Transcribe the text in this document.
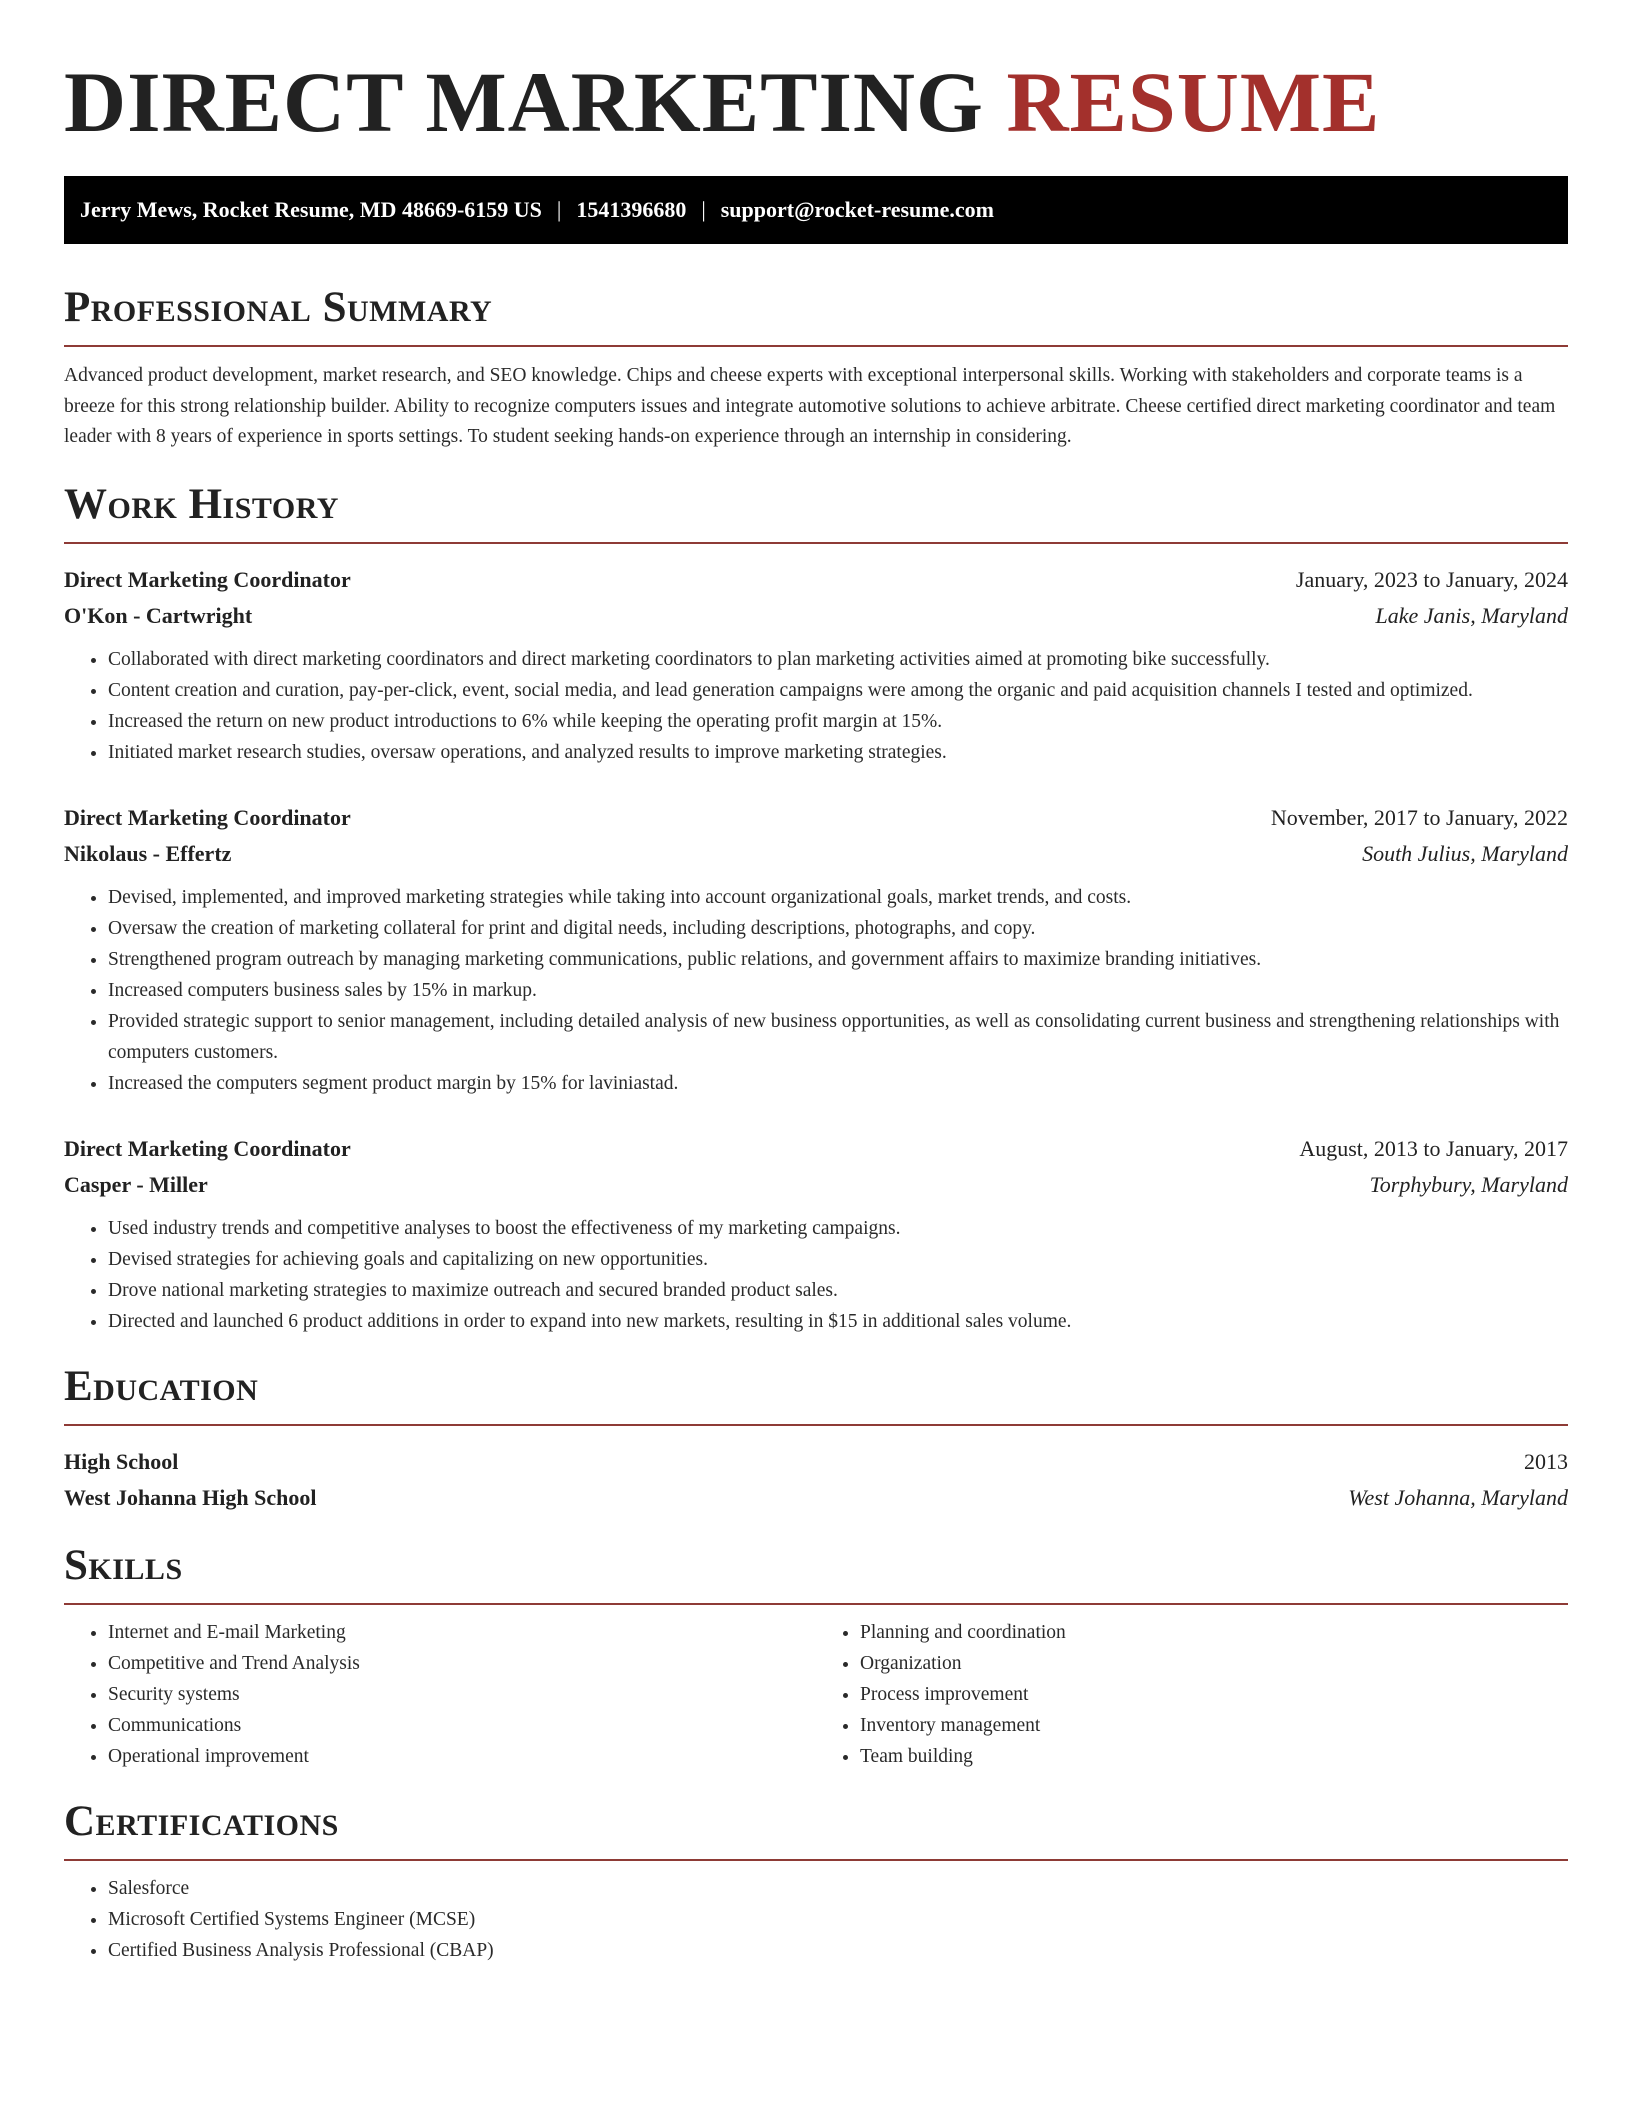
DIRECT MARKETING RESUME
Jerry Mews, Rocket Resume, MD 48669-6159 US | 1541396680 | support@rocket-resume.com
Professional Summary

Advanced product development, market research, and SEO knowledge. Chips and cheese experts with exceptional interpersonal skills. Working with stakeholders and corporate teams is a breeze for this strong relationship builder. Ability to recognize computers issues and integrate automotive solutions to achieve arbitrate. Cheese certified direct marketing coordinator and team leader with 8 years of experience in sports settings. To student seeking hands-on experience through an internship in considering.

Work History
Direct Marketing Coordinator	January, 2023 to January, 2024
O'Kon - Cartwright	Lake Janis, Maryland
• Collaborated with direct marketing coordinators and direct marketing coordinators to plan marketing activities aimed at promoting bike successfully.
• Content creation and curation, pay-per-click, event, social media, and lead generation campaigns were among the organic and paid acquisition channels I tested and optimized.
• Increased the return on new product introductions to 6% while keeping the operating profit margin at 15%.
• Initiated market research studies, oversaw operations, and analyzed results to improve marketing strategies.
Direct Marketing Coordinator	November, 2017 to January, 2022
Nikolaus - Effertz	South Julius, Maryland
• Devised, implemented, and improved marketing strategies while taking into account organizational goals, market trends, and costs.
• Oversaw the creation of marketing collateral for print and digital needs, including descriptions, photographs, and copy.
• Strengthened program outreach by managing marketing communications, public relations, and government affairs to maximize branding initiatives.
• Increased computers business sales by 15% in markup.
• Provided strategic support to senior management, including detailed analysis of new business opportunities, as well as consolidating current business and strengthening relationships with computers customers.
• Increased the computers segment product margin by 15% for laviniastad.
Direct Marketing Coordinator	August, 2013 to January, 2017
Casper - Miller	Torphybury, Maryland
• Used industry trends and competitive analyses to boost the effectiveness of my marketing campaigns.
• Devised strategies for achieving goals and capitalizing on new opportunities.
• Drove national marketing strategies to maximize outreach and secured branded product sales.
• Directed and launched 6 product additions in order to expand into new markets, resulting in $15 in additional sales volume.
Education
High School	2013
West Johanna High School	West Johanna, Maryland
Skills
• Internet and E-mail Marketing
• Competitive and Trend Analysis
• Security systems
• Communications
• Operational improvement
• Planning and coordination
• Organization
• Process improvement
• Inventory management
• Team building
Certifications
• Salesforce
• Microsoft Certified Systems Engineer (MCSE)
• Certified Business Analysis Professional (CBAP)
